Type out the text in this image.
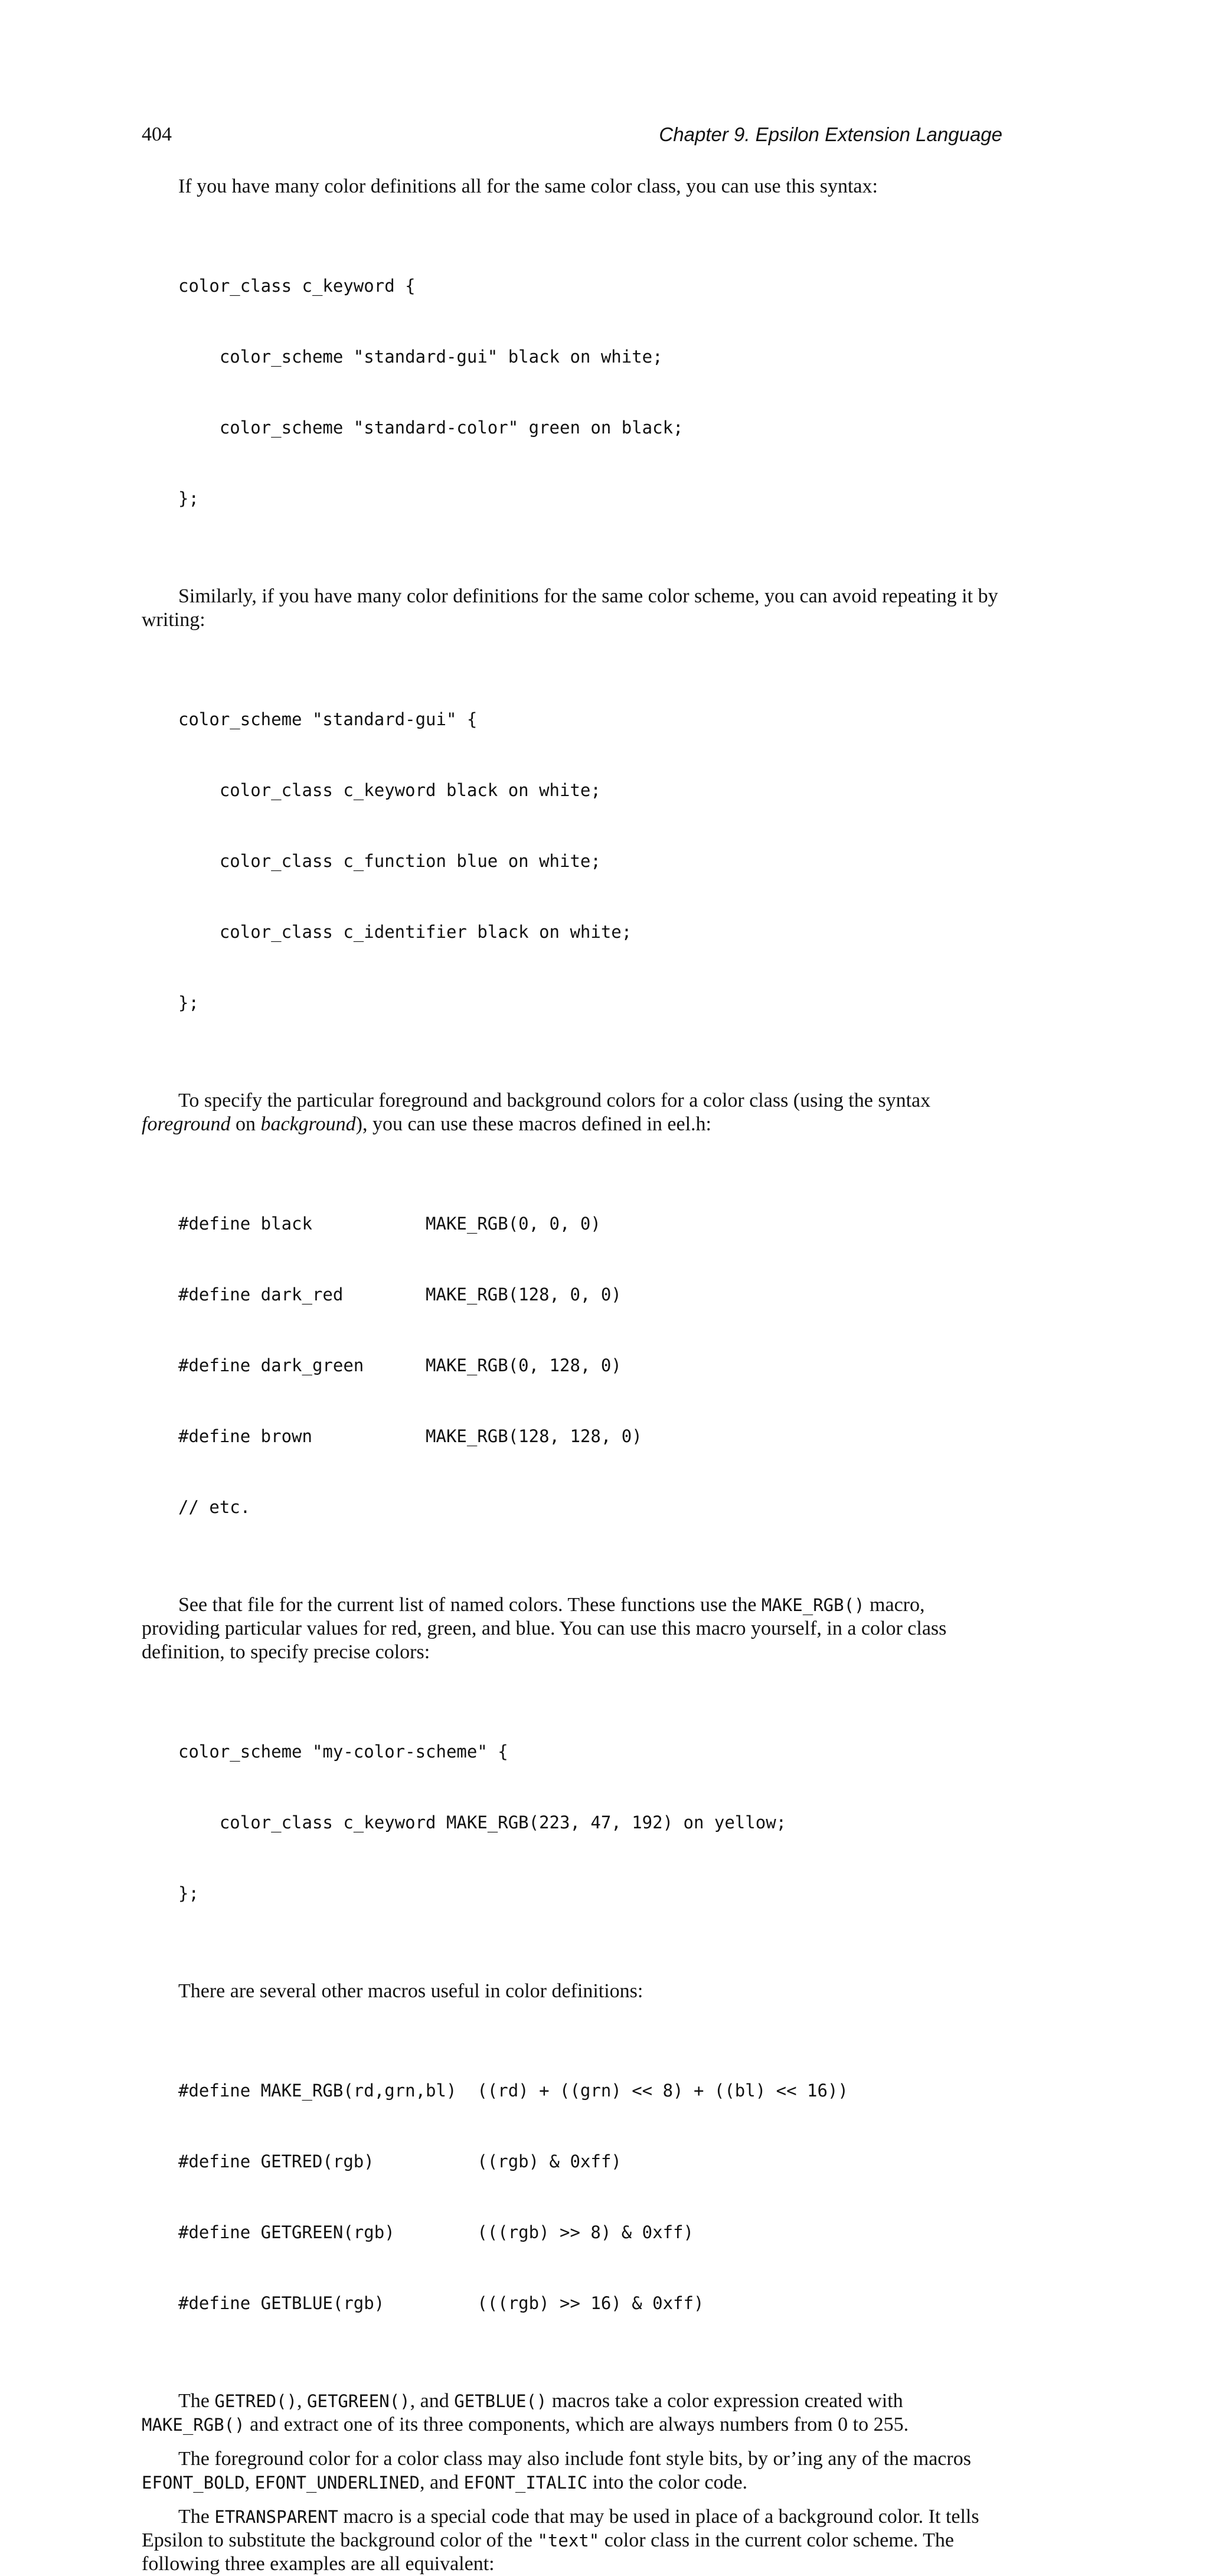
404	Chapter 9. Epsilon Extension Language

If you have many color definitions all for the same color class, you can use this syntax:

color_class c_keyword {

color_scheme "standard-gui" black on white;

color_scheme "standard-color" green on black;

};

Similarly, if you have many color definitions for the same color scheme, you can avoid repeating it by writing:

color_scheme "standard-gui" {

color_class c_keyword black on white;

color_class c_function blue on white;

color_class c_identifier black on white;

};

To specify the particular foreground and background colors for a color class (using the syntax foreground on background), you can use these macros defined in eel.h:

#define black           MAKE_RGB(0, 0, 0)

#define dark_red        MAKE_RGB(128, 0, 0)

#define dark_green      MAKE_RGB(0, 128, 0)

#define brown           MAKE_RGB(128, 128, 0)

// etc.

See that file for the current list of named colors. These functions use the MAKE_RGB() macro, providing particular values for red, green, and blue. You can use this macro yourself, in a color class definition, to specify precise colors:

color_scheme "my-color-scheme" {

color_class c_keyword MAKE_RGB(223, 47, 192) on yellow;

};

There are several other macros useful in color definitions:

#define MAKE_RGB(rd,grn,bl)  ((rd) + ((grn) << 8) + ((bl) << 16))

#define GETRED(rgb)          ((rgb) & 0xff)

#define GETGREEN(rgb)        (((rgb) >> 8) & 0xff)

#define GETBLUE(rgb)         (((rgb) >> 16) & 0xff)

The GETRED(), GETGREEN(), and GETBLUE() macros take a color expression created with MAKE_RGB() and extract one of its three components, which are always numbers from 0 to 255.

The foreground color for a color class may also include font style bits, by or’ing any of the macros EFONT_BOLD, EFONT_UNDERLINED, and EFONT_ITALIC into the color code.

The ETRANSPARENT macro is a special code that may be used in place of a background color. It tells Epsilon to substitute the background color of the "text" color class in the current color scheme. The following three examples are all equivalent:
